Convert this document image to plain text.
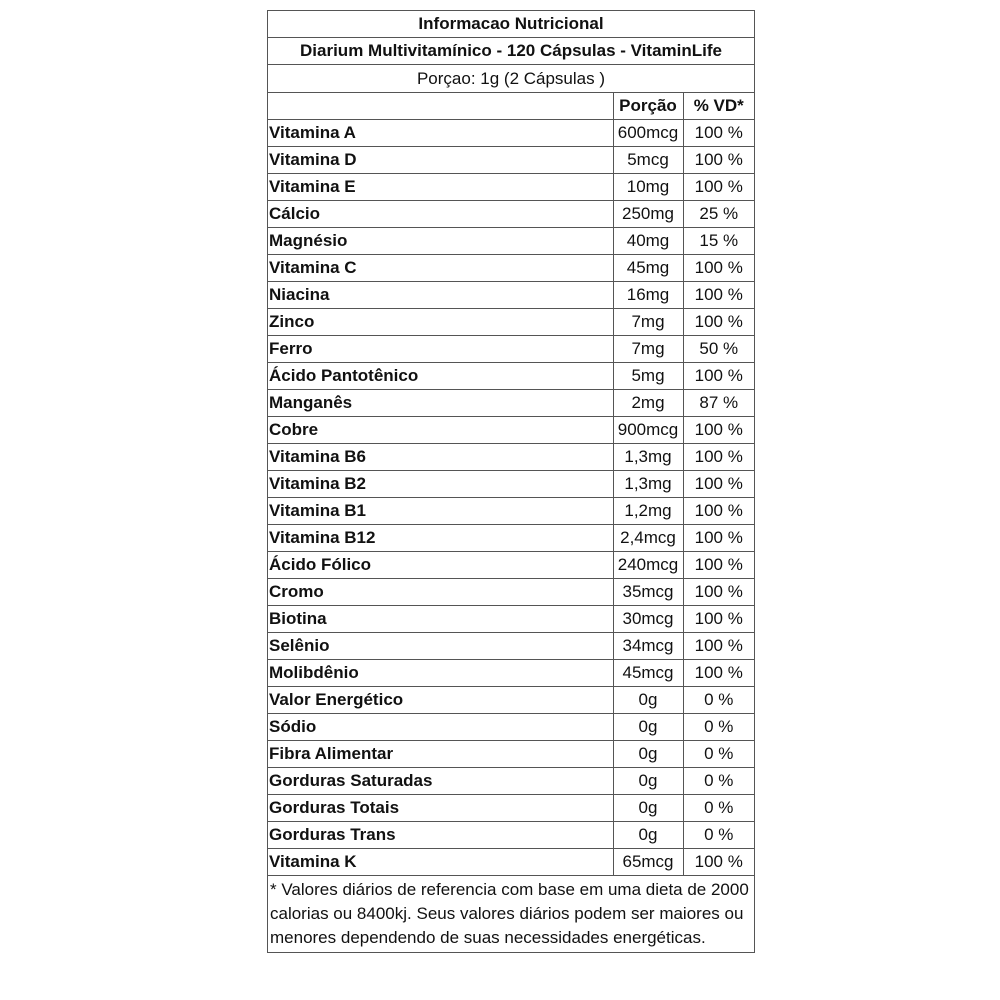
Informacao Nutricional
Diarium Multivitamínico - 120 Cápsulas - VitaminLife
Porçao: 1g (2 Cápsulas )
	Porção	% VD*
Vitamina A	600mcg	100 %
Vitamina D	5mcg	100 %
Vitamina E	10mg	100 %
Cálcio	250mg	25 %
Magnésio	40mg	15 %
Vitamina C	45mg	100 %
Niacina	16mg	100 %
Zinco	7mg	100 %
Ferro	7mg	50 %
Ácido Pantotênico	5mg	100 %
Manganês	2mg	87 %
Cobre	900mcg	100 %
Vitamina B6	1,3mg	100 %
Vitamina B2	1,3mg	100 %
Vitamina B1	1,2mg	100 %
Vitamina B12	2,4mcg	100 %
Ácido Fólico	240mcg	100 %
Cromo	35mcg	100 %
Biotina	30mcg	100 %
Selênio	34mcg	100 %
Molibdênio	45mcg	100 %
Valor Energético	0g	0 %
Sódio	0g	0 %
Fibra Alimentar	0g	0 %
Gorduras Saturadas	0g	0 %
Gorduras Totais	0g	0 %
Gorduras Trans	0g	0 %
Vitamina K	65mcg	100 %
* Valores diários de referencia com base em uma dieta de 2000 calorias ou 8400kj. Seus valores diários podem ser maiores ou menores dependendo de suas necessidades energéticas.
